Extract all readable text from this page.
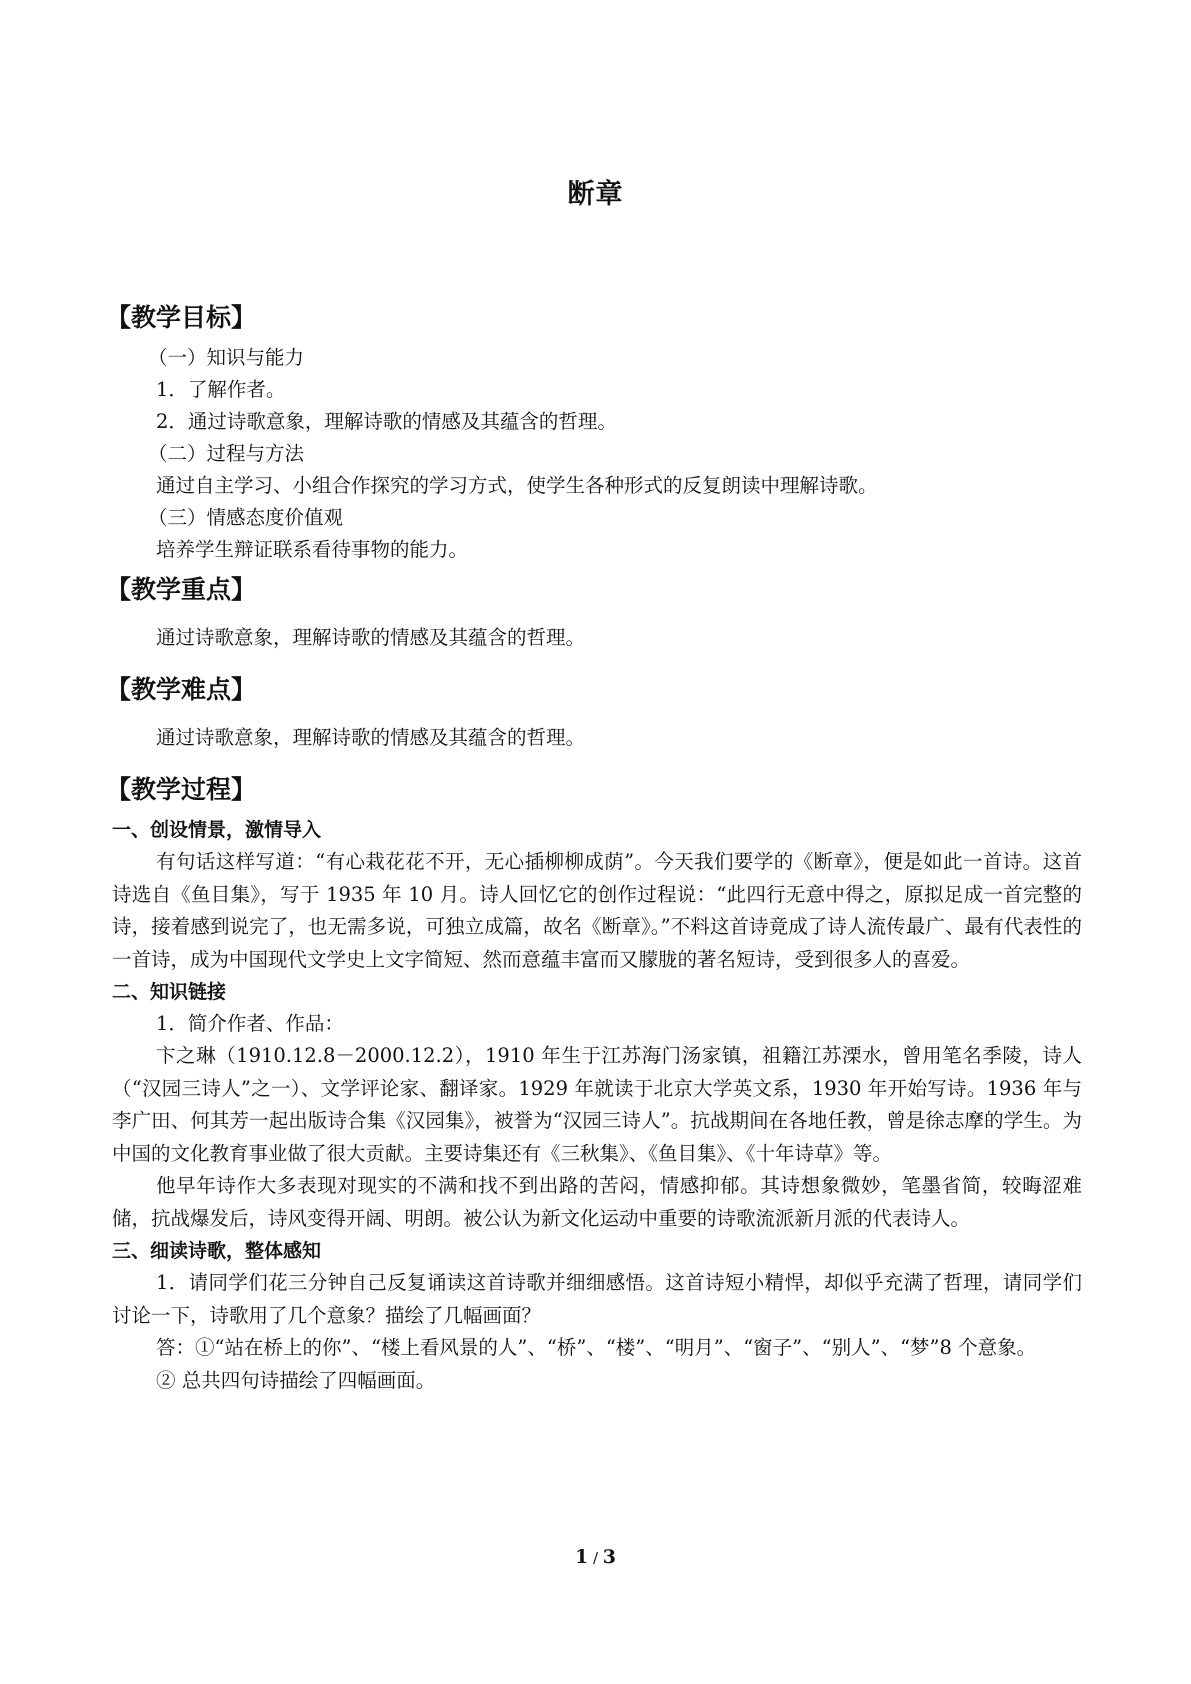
断章
【教学目标】
（一）知识与能力
1．了解作者。
2．通过诗歌意象，理解诗歌的情感及其蕴含的哲理。
（二）过程与方法
通过自主学习、小组合作探究的学习方式，使学生各种形式的反复朗读中理解诗歌。
（三）情感态度价值观
培养学生辩证联系看待事物的能力。
【教学重点】
通过诗歌意象，理解诗歌的情感及其蕴含的哲理。
【教学难点】
通过诗歌意象，理解诗歌的情感及其蕴含的哲理。
【教学过程】
一、创设情景，激情导入
有句话这样写道：“有心栽花花不开，无心插柳柳成荫”。今天我们要学的《断章》，便是如此一首诗。这首诗选自《鱼目集》，写于 1935 年 10 月。诗人回忆它的创作过程说：“此四行无意中得之，原拟足成一首完整的诗，接着感到说完了，也无需多说，可独立成篇，故名《断章》。”不料这首诗竟成了诗人流传最广、最有代表性的一首诗，成为中国现代文学史上文字简短、然而意蕴丰富而又朦胧的著名短诗，受到很多人的喜爱。
二、知识链接
1．简介作者、作品：
卞之琳（1910.12.8－2000.12.2），1910 年生于江苏海门汤家镇，祖籍江苏溧水，曾用笔名季陵，诗人（“汉园三诗人”之一）、文学评论家、翻译家。1929 年就读于北京大学英文系，1930 年开始写诗。1936 年与李广田、何其芳一起出版诗合集《汉园集》，被誉为“汉园三诗人”。抗战期间在各地任教，曾是徐志摩的学生。为中国的文化教育事业做了很大贡献。主要诗集还有《三秋集》、《鱼目集》、《十年诗草》等。
他早年诗作大多表现对现实的不满和找不到出路的苦闷，情感抑郁。其诗想象微妙，笔墨省简，较晦涩难储，抗战爆发后，诗风变得开阔、明朗。被公认为新文化运动中重要的诗歌流派新月派的代表诗人。
三、细读诗歌，整体感知
1．请同学们花三分钟自己反复诵读这首诗歌并细细感悟。这首诗短小精悍，却似乎充满了哲理，请同学们讨论一下，诗歌用了几个意象？描绘了几幅画面？
答：①“站在桥上的你”、“楼上看风景的人”、“桥”、“楼”、“明月”、“窗子”、“别人”、“梦”8 个意象。
② 总共四句诗描绘了四幅画面。
1 / 3
